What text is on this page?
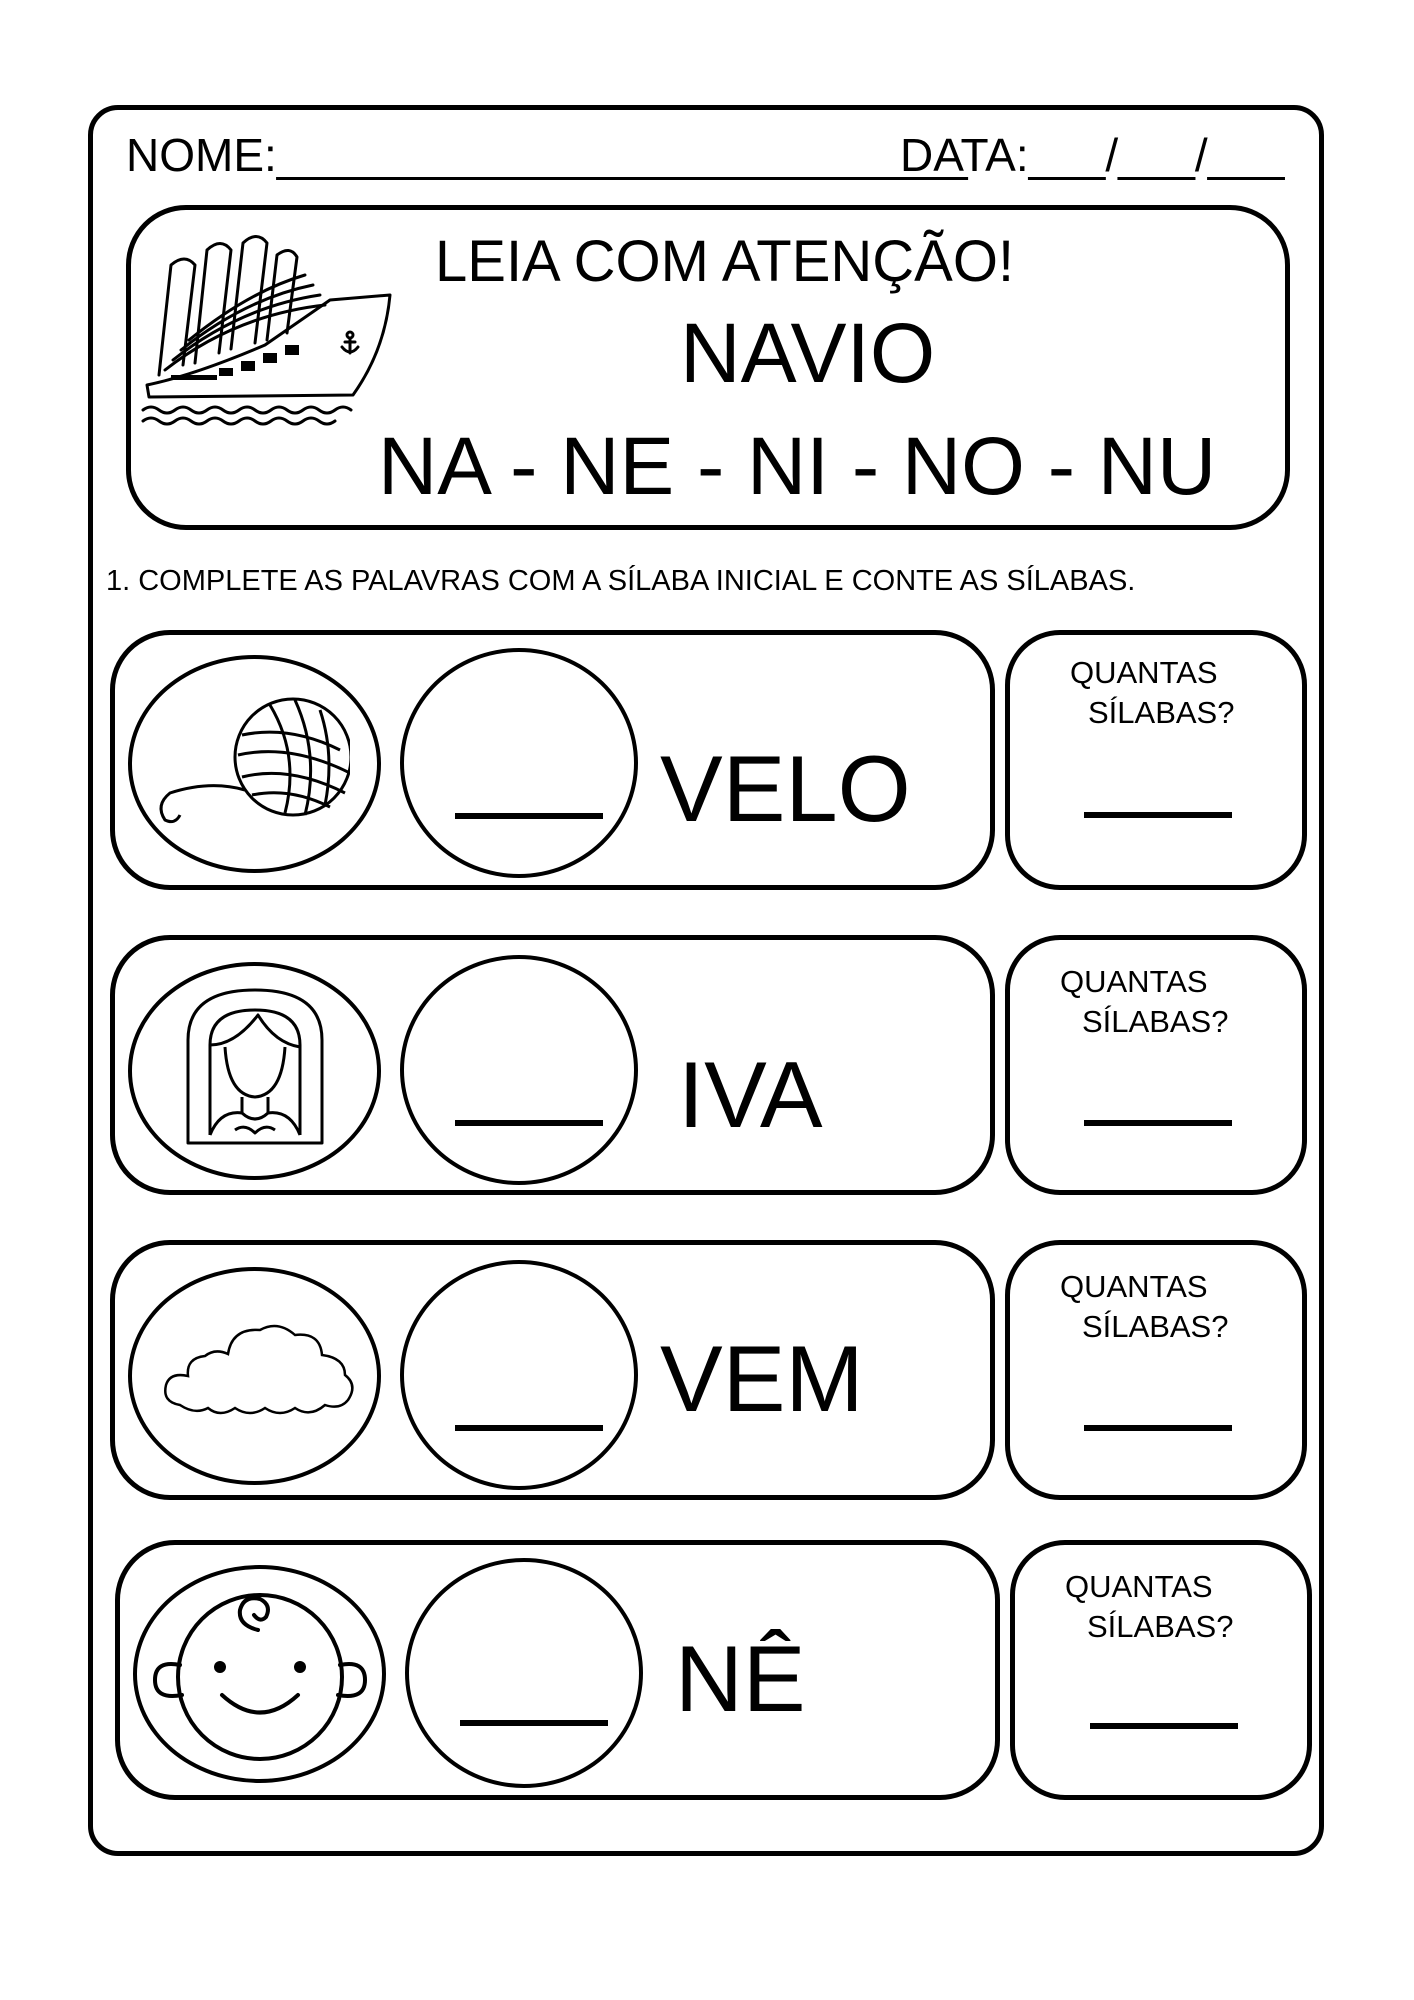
NOME:___________________________
DATA:___/___/___
LEIA COM ATENÇÃO!
NAVIO
NA - NE - NI - NO - NU
1. COMPLETE AS PALAVRAS COM A SÍLABA INICIAL E CONTE AS SÍLABAS.
VELO
QUANTAS
SÍLABAS?
IVA
QUANTAS
SÍLABAS?
VEM
QUANTAS
SÍLABAS?
NÊ
QUANTAS
SÍLABAS?
